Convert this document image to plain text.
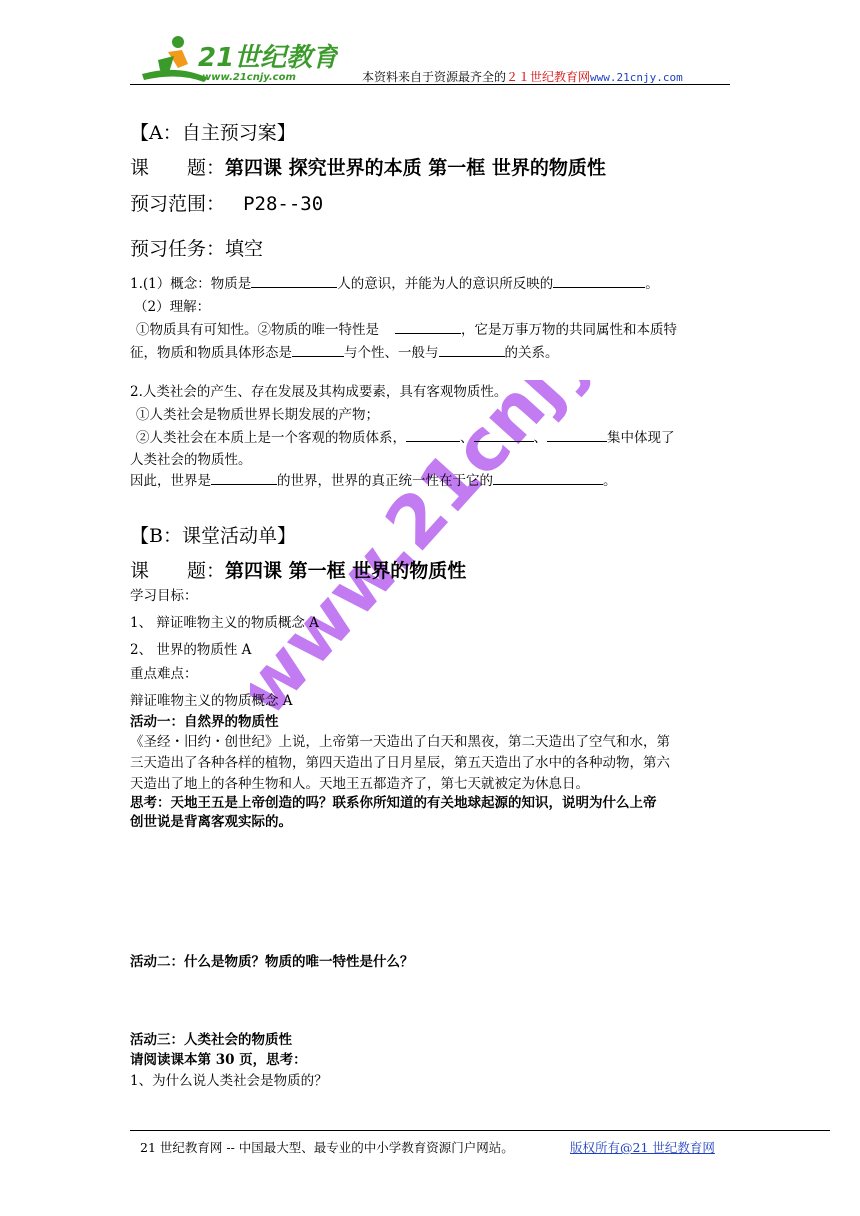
21世纪教育
www.21cnjy.com	本资料来自于资源最齐全的２１世纪教育网www.21cnjy.com
www.21cnjy.com
【A：自主预习案】
课　　题：第四课 探究世界的本质 第一框 世界的物质性
预习范围： P28--30
预习任务：填空
1.(1）概念：物质是	人的意识，并能为人的意识所反映的	。
（2）理解：
①物质具有可知性。②物质的唯一特性是	，它是万事万物的共同属性和本质特
征，物质和物质具体形态是	与个性、一般与	的关系。
2.人类社会的产生、存在发展及其构成要素，具有客观物质性。
①人类社会是物质世界长期发展的产物；
②人类社会在本质上是一个客观的物质体系，	、	、	集中体现了
人类社会的物质性。
因此，世界是	的世界，世界的真正统一性在于它的	。
【B：课堂活动单】
课　　题：第四课 第一框 世界的物质性
学习目标：
1、 辩证唯物主义的物质概念 A
2、 世界的物质性 A
重点难点：
辩证唯物主义的物质概念 A
活动一：自然界的物质性
《圣经・旧约・创世纪》上说，上帝第一天造出了白天和黑夜，第二天造出了空气和水，第
三天造出了各种各样的植物，第四天造出了日月星辰，第五天造出了水中的各种动物，第六
天造出了地上的各种生物和人。天地王五都造齐了，第七天就被定为休息日。
思考：天地王五是上帝创造的吗？联系你所知道的有关地球起源的知识，说明为什么上帝
创世说是背离客观实际的。
活动二：什么是物质？物质的唯一特性是什么？
活动三：人类社会的物质性
请阅读课本第 30 页，思考：
1、为什么说人类社会是物质的？
21 世纪教育网 -- 中国最大型、最专业的中小学教育资源门户网站。	版权所有@21 世纪教育网
